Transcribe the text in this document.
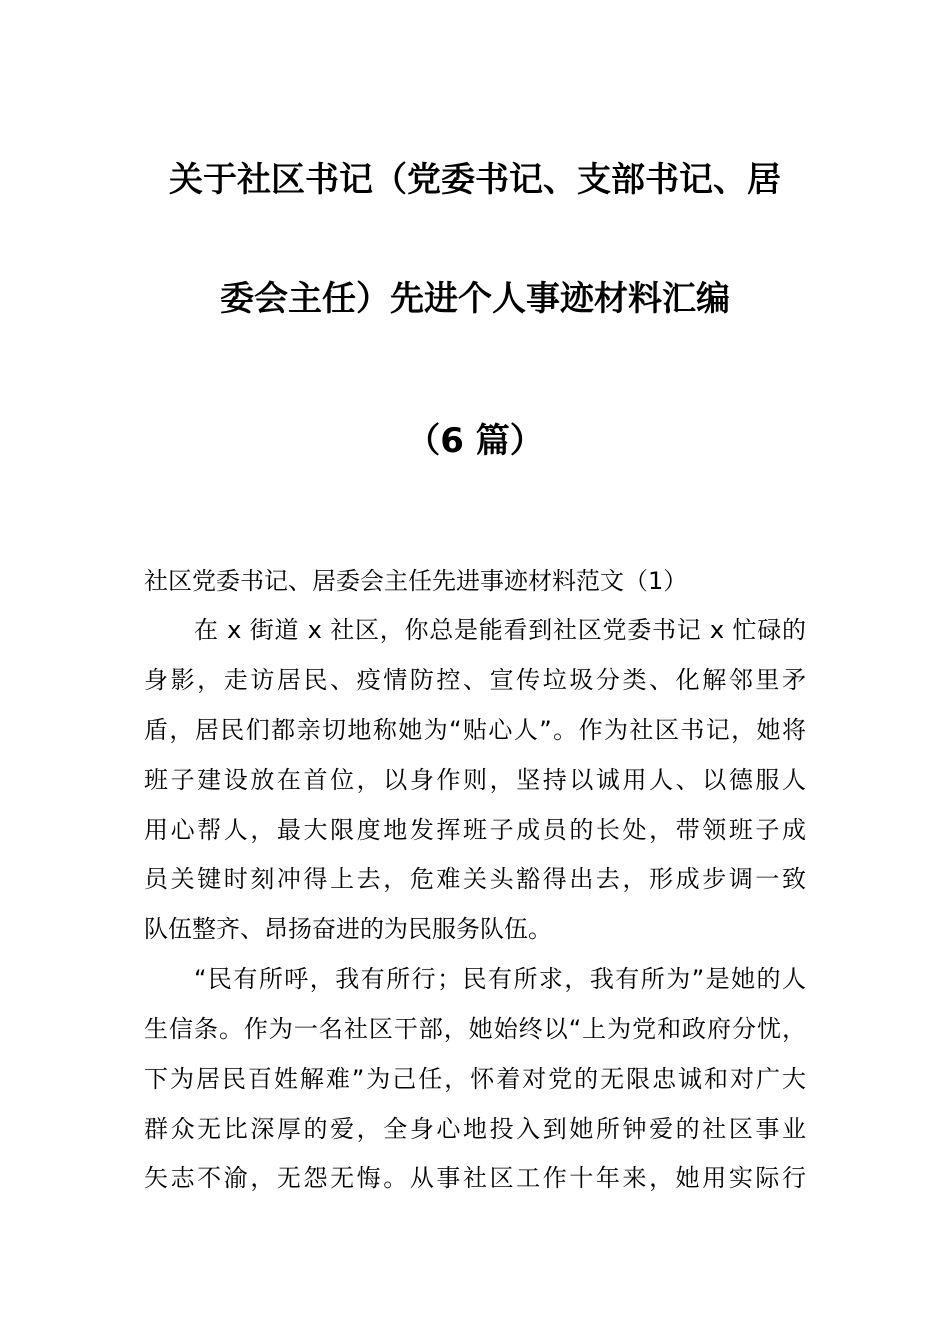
关于社区书记（党委书记、支部书记、居
委会主任）先进个人事迹材料汇编
（6 篇）
社区党委书记、居委会主任先进事迹材料范文（1）
在 x 街道 x 社区，你总是能看到社区党委书记 x 忙碌的
身影，走访居民、疫情防控、宣传垃圾分类、化解邻里矛
盾，居民们都亲切地称她为“贴心人”。作为社区书记，她将
班子建设放在首位，以身作则，坚持以诚用人、以德服人
用心帮人，最大限度地发挥班子成员的长处，带领班子成
员关键时刻冲得上去，危难关头豁得出去，形成步调一致
队伍整齐、昂扬奋进的为民服务队伍。
“民有所呼，我有所行；民有所求，我有所为”是她的人
生信条。作为一名社区干部，她始终以“上为党和政府分忧，
下为居民百姓解难”为己任，怀着对党的无限忠诚和对广大
群众无比深厚的爱，全身心地投入到她所钟爱的社区事业
矢志不渝，无怨无悔。从事社区工作十年来，她用实际行
